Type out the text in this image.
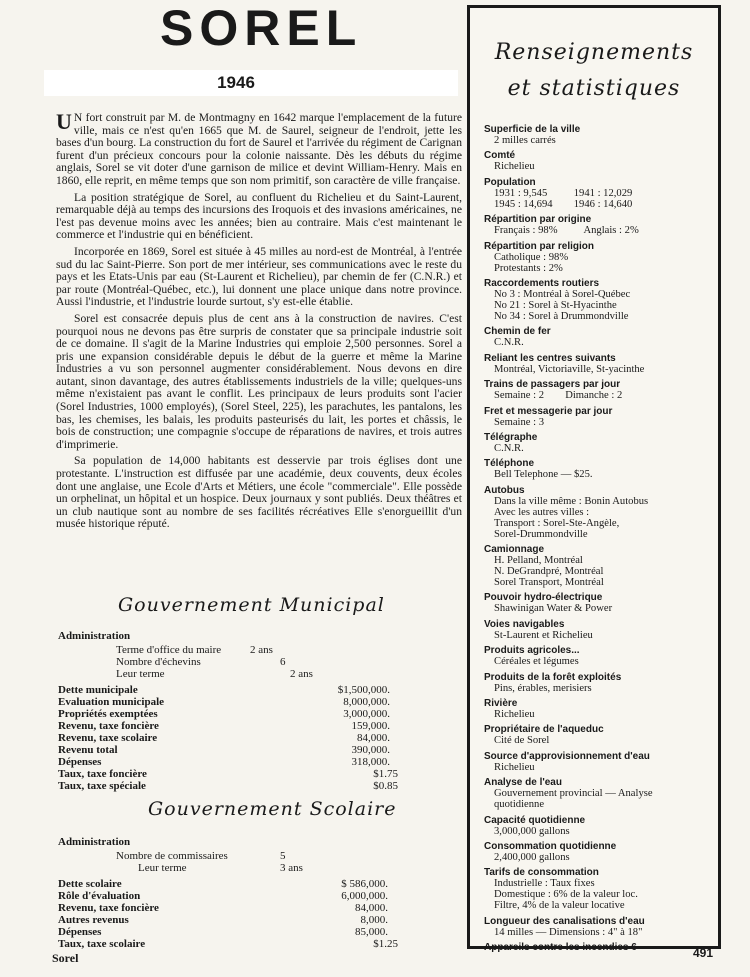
SOREL
1946

U N fort construit par M. de Montmagny en 1642 marque l'emplacement de la future ville, mais ce n'est qu'en 1665 que M. de Saurel, seigneur de l'endroit, jette les bases d'un bourg. La construction du fort de Saurel et l'arrivée du régiment de Carignan furent d'un précieux concours pour la colonie naissante. Dès les débuts du régime anglais, Sorel se vit doter d'une garnison de milice et devint William-Henry. Mais en 1860, elle reprit, en même temps que son nom primitif, son caractère de ville française.

La position stratégique de Sorel, au confluent du Richelieu et du Saint-Laurent, remarquable déjà au temps des incursions des Iroquois et des invasions américaines, ne l'est pas devenue moins avec les années; bien au contraire. Mais c'est maintenant le commerce et l'industrie qui en bénéficient.

Incorporée en 1869, Sorel est située à 45 milles au nord-est de Montréal, à l'entrée sud du lac Saint-Pierre. Son port de mer intérieur, ses communications avec le reste du pays et les Etats-Unis par eau (St-Laurent et Richelieu), par chemin de fer (C.N.R.) et par route (Montréal-Québec, etc.), lui donnent une place unique dans notre province. Aussi l'industrie, et l'industrie lourde surtout, s'y est-elle établie.

Sorel est consacrée depuis plus de cent ans à la construction de navires. C'est pourquoi nous ne devons pas être surpris de constater que sa principale industrie soit de ce domaine. Il s'agit de la Marine Industries qui emploie 2,500 personnes. Sorel a pris une expansion considérable depuis le début de la guerre et même la Marine Industries a vu son personnel augmenter considérablement. Nous devons en dire autant, sinon davantage, des autres établissements industriels de la ville; quelques-uns même n'existaient pas avant le conflit. Les principaux de leurs produits sont l'acier (Sorel Industries, 1000 employés), (Sorel Steel, 225), les parachutes, les pantalons, les bas, les chemises, les balais, les produits pasteurisés du lait, les portes et châssis, le bois de construction; une compagnie s'occupe de réparations de navires, et trois autres d'imprimerie.

Sa population de 14,000 habitants est desservie par trois églises dont une protestante. L'instruction est diffusée par une académie, deux couvents, deux écoles dont une anglaise, une Ecole d'Arts et Métiers, une école "commerciale". Elle possède un orphelinat, un hôpital et un hospice. Deux journaux y sont publiés. Deux théâtres et un club nautique sont au nombre de ses facilités récréatives Elle s'enorgueillit d'un musée historique réputé.

Gouvernement Municipal
Administration
Terme d'office du maire	2 ans
Nombre d'échevins	6
Leur terme	2 ans
Dette municipale	$1,500,000.
Evaluation municipale	8,000,000.
Propriétés exemptées	3,000,000.
Revenu, taxe foncière	159,000.
Revenu, taxe scolaire	84,000.
Revenu total	390,000.
Dépenses	318,000.
Taux, taxe foncière	$1.75
Taux, taxe spéciale	$0.85
Gouvernement Scolaire
Administration
Nombre de commissaires	5
Leur terme	3 ans
Dette scolaire	$ 586,000.
Rôle d'évaluation	6,000,000.
Revenu, taxe foncière	84,000.
Autres revenus	8,000.
Dépenses	85,000.
Taux, taxe scolaire	$1.25
Renseignements
et statistiques
Superficie de la ville
2 milles carrés
Comté
Richelieu
Population
1931 : 9,545          1941 : 12,029
1945 : 14,694        1946 : 14,640
Répartition par origine
Français : 98%          Anglais : 2%
Répartition par religion
Catholique : 98%
Protestants : 2%
Raccordements routiers
No 3 : Montréal à Sorel-Québec
No 21 : Sorel à St-Hyacinthe
No 34 : Sorel à Drummondville
Chemin de fer
C.N.R.
Reliant les centres suivants
Montréal, Victoriaville, St-yacinthe
Trains de passagers par jour
Semaine : 2        Dimanche : 2
Fret et messagerie par jour
Semaine : 3
Télégraphe
C.N.R.
Téléphone
Bell Telephone — $25.
Autobus
Dans la ville même : Bonin Autobus
Avec les autres villes :
Transport : Sorel-Ste-Angèle,
Sorel-Drummondville
Camionnage
H. Pelland, Montréal
N. DeGrandpré, Montréal
Sorel Transport, Montréal
Pouvoir hydro-électrique
Shawinigan Water & Power
Voies navigables
St-Laurent et Richelieu
Produits agricoles...
Céréales et légumes
Produits de la forêt exploités
Pins, érables, merisiers
Rivière
Richelieu
Propriétaire de l'aqueduc
Cité de Sorel
Source d'approvisionnement d'eau
Richelieu
Analyse de l'eau
Gouvernement provincial — Analyse
quotidienne
Capacité quotidienne
3,000,000 gallons
Consommation quotidienne
2,400,000 gallons
Tarifs de consommation
Industrielle : Taux fixes
Domestique : 6% de la valeur loc.
Filtre, 4% de la valeur locative
Longueur des canalisations d'eau
14 milles — Dimensions : 4" à 18"
Appareils contre les incendies 6
Sorel	491
